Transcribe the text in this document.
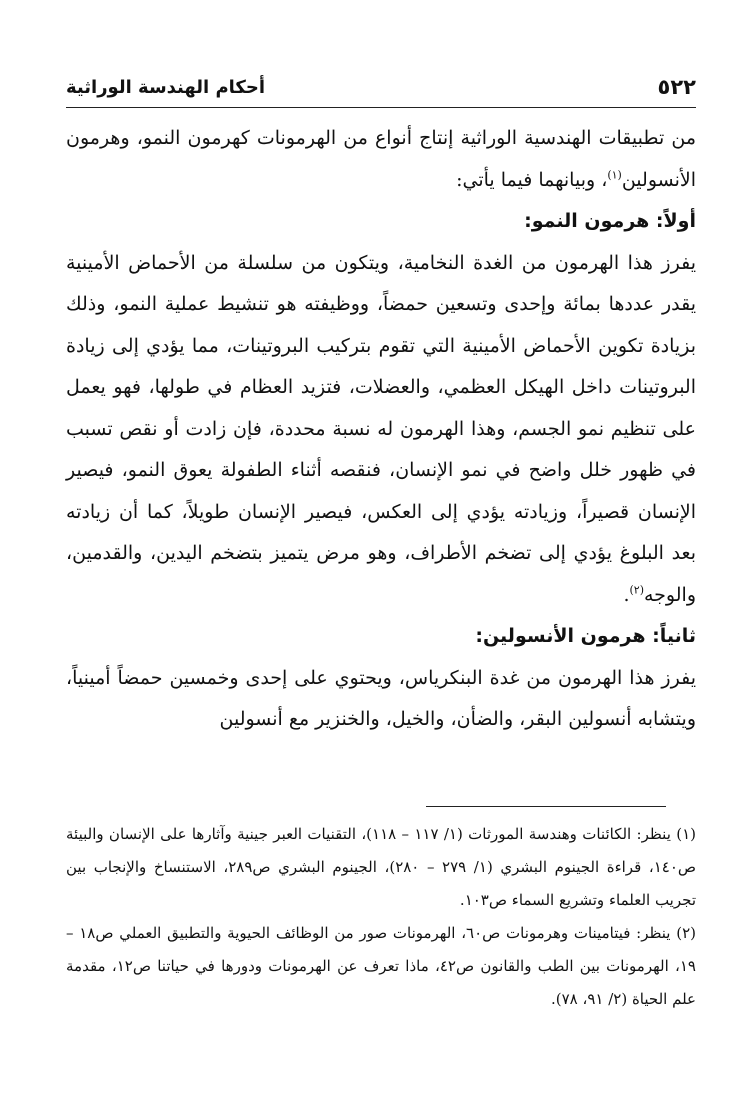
٥٢٢
أحكام الهندسة الوراثية

من تطبيقات الهندسية الوراثية إنتاج أنواع من الهرمونات كهرمون النمو، وهرمون الأنسولين$^{(١)}$، وبيانهما فيما يأتي:

أولاً: هرمون النمو:

يفرز هذا الهرمون من الغدة النخامية، ويتكون من سلسلة من الأحماض الأمينية يقدر عددها بمائة وإحدى وتسعين حمضاً، ووظيفته هو تنشيط عملية النمو، وذلك بزيادة تكوين الأحماض الأمينية التي تقوم بتركيب البروتينات، مما يؤدي إلى زيادة البروتينات داخل الهيكل العظمي، والعضلات، فتزيد العظام في طولها، فهو يعمل على تنظيم نمو الجسم، وهذا الهرمون له نسبة محددة، فإن زادت أو نقص تسبب في ظهور خلل واضح في نمو الإنسان، فنقصه أثناء الطفولة يعوق النمو، فيصير الإنسان قصيراً، وزيادته يؤدي إلى العكس، فيصير الإنسان طويلاً، كما أن زيادته بعد البلوغ يؤدي إلى تضخم الأطراف، وهو مرض يتميز بتضخم اليدين، والقدمين، والوجه$^{(٢)}$.

ثانياً: هرمون الأنسولين:

يفرز هذا الهرمون من غدة البنكرياس، ويحتوي على إحدى وخمسين حمضاً أمينياً، ويتشابه أنسولين البقر، والضأن، والخيل، والخنزير مع أنسولين

(١) ينظر: الكائنات وهندسة المورثات (١/ ١١٧ – ١١٨)، التقنيات العبر جينية وآثارها على الإنسان والبيئة ص١٤٠، قراءة الجينوم البشري (١/ ٢٧٩ – ٢٨٠)، الجينوم البشري ص٢٨٩، الاستنساخ والإنجاب بين تجريب العلماء وتشريع السماء ص١٠٣.

(٢) ينظر: فيتامينات وهرمونات ص٦٠، الهرمونات صور من الوظائف الحيوية والتطبيق العملي ص١٨ – ١٩، الهرمونات بين الطب والقانون ص٤٢، ماذا تعرف عن الهرمونات ودورها في حياتنا ص١٢، مقدمة علم الحياة (٢/ ٩١، ٧٨).
